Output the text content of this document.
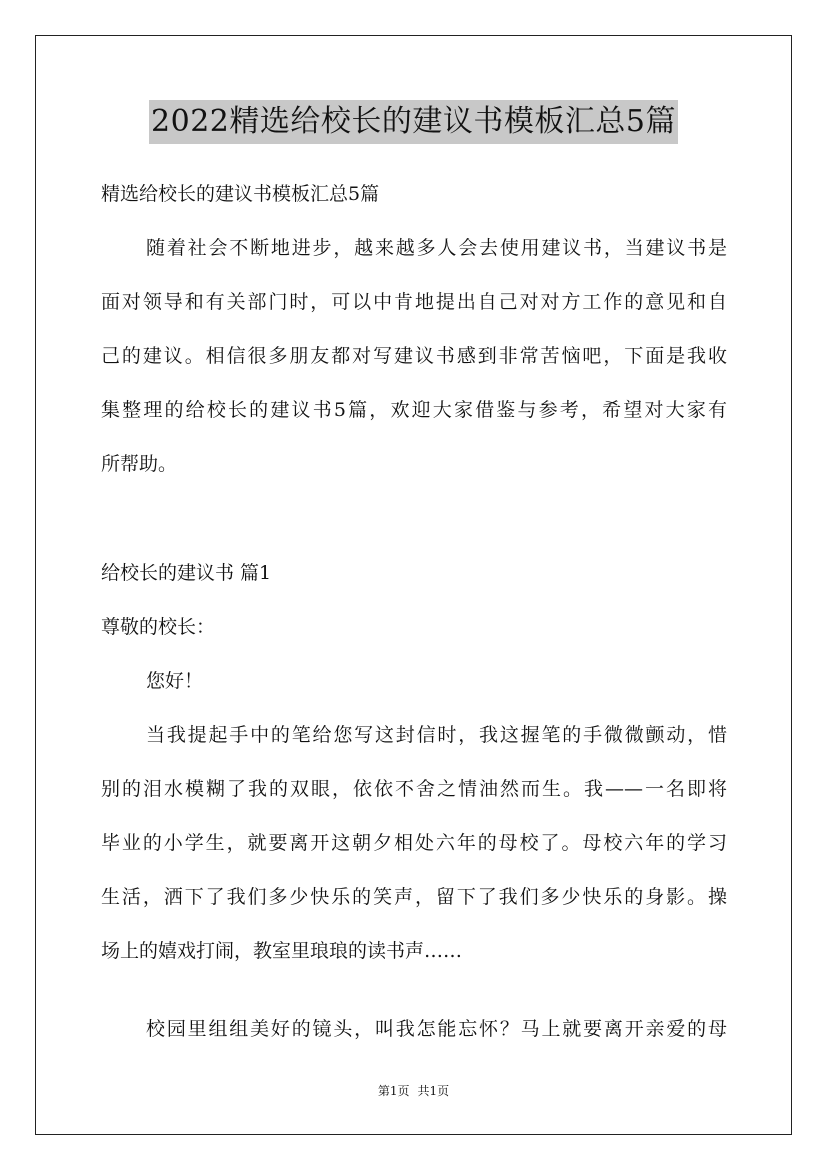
2022精选给校长的建议书模板汇总5篇
精选给校长的建议书模板汇总5篇
随着社会不断地进步，越来越多人会去使用建议书，当建议书是
面对领导和有关部门时，可以中肯地提出自己对对方工作的意见和自
己的建议。相信很多朋友都对写建议书感到非常苦恼吧，下面是我收
集整理的给校长的建议书5篇，欢迎大家借鉴与参考，希望对大家有
所帮助。
给校长的建议书 篇1
尊敬的校长：
您好！
当我提起手中的笔给您写这封信时，我这握笔的手微微颤动，惜
别的泪水模糊了我的双眼，依依不舍之情油然而生。我——一名即将
毕业的小学生，就要离开这朝夕相处六年的母校了。母校六年的学习
生活，洒下了我们多少快乐的笑声，留下了我们多少快乐的身影。操
场上的嬉戏打闹，教室里琅琅的读书声……
校园里组组美好的镜头，叫我怎能忘怀？马上就要离开亲爱的母
第1页 共1页
